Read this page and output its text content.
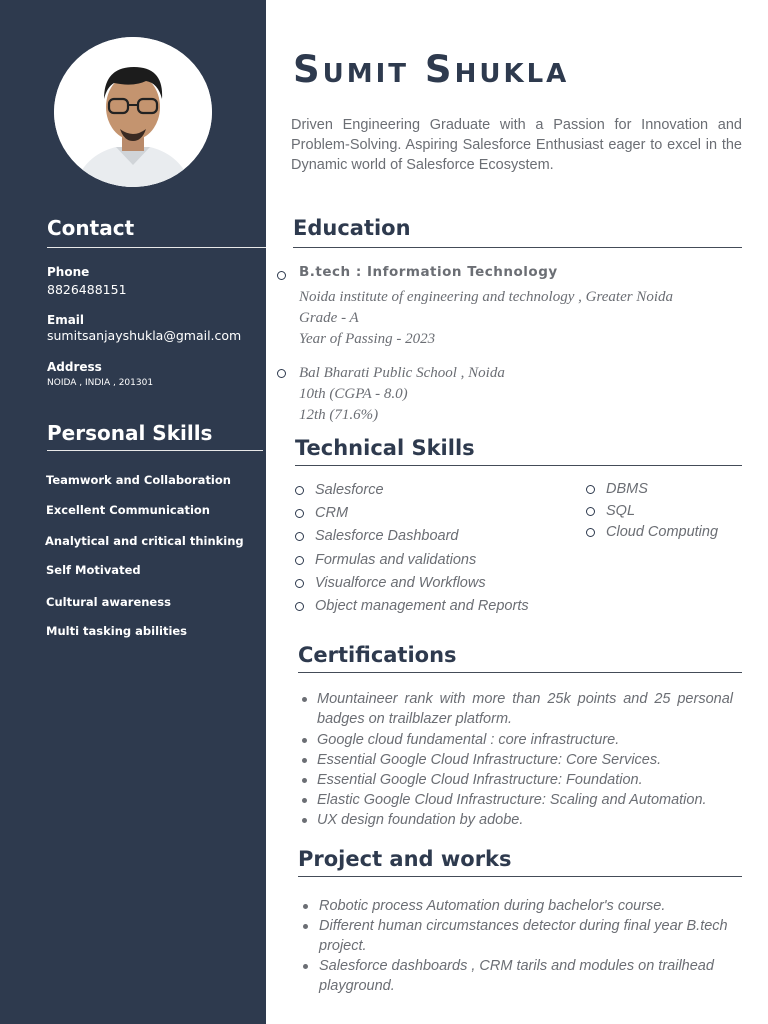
Contact
Phone
8826488151
Email
sumitsanjayshukla@gmail.com
Address
NOIDA , INDIA , 201301
Personal Skills
Teamwork and Collaboration
Excellent Communication
Analytical and critical thinking
Self Motivated
Cultural awareness
Multi tasking abilities
Sumit Shukla

Driven Engineering Graduate with a Passion for Innovation and Problem-Solving. Aspiring Salesforce Enthusiast eager to excel in the Dynamic world of Salesforce Ecosystem.

Education
B.tech : Information Technology
Noida institute of engineering and technology , Greater Noida
Grade - A
Year of Passing - 2023
Bal Bharati Public School , Noida
10th (CGPA - 8.0)
12th (71.6%)
Technical Skills
Salesforce
CRM
Salesforce Dashboard
Formulas and validations
Visualforce and Workflows
Object management and Reports
DBMS
SQL
Cloud Computing
Certifications

Mountaineer rank with more than 25k points and 25 personal badges on trailblazer platform.

Google cloud fundamental : core infrastructure.

Essential Google Cloud Infrastructure: Core Services.

Essential Google Cloud Infrastructure: Foundation.

Elastic Google Cloud Infrastructure: Scaling and Automation.

UX design foundation by adobe.

Project and works

Robotic process Automation during bachelor's course.

Different human circumstances detector during final year B.tech project.

Salesforce dashboards , CRM tarils and modules on trailhead playground.
